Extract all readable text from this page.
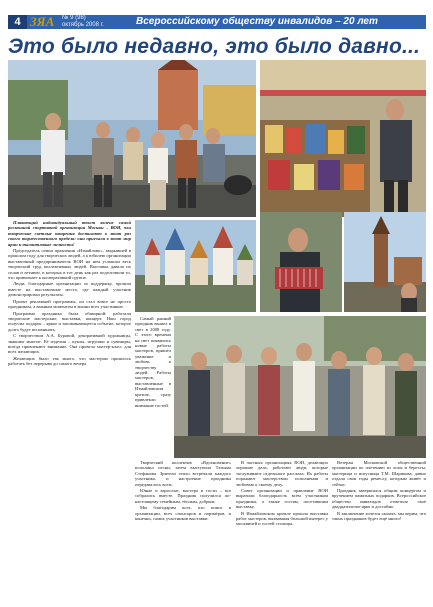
4 ЗЯА № 9 (98)
октябрь 2008 г.	Всероссийскому обществу инвалидов – 20 лет
Это было недавно, это было давно...

Плавающий индивидуальный текст явлене самой роскошной спортивной организации Москвы – ВОИ, чьи творческие светлые творения достигают в этот раз своего торжественного предела: они приехали в этот мир арии и талантливые личности!

Председатель семьи правления «Измайлово», закрывшей в прошлом году для творческих людей, а к юбилею организации выставочный предприниматель ВОИ на нем услышал весь творческий труд коллективных людей. Выставка давала их сплав и летнюю, в которых в тот день как раз подготовили то, что привлекает к кооперативной группе.

Люди, благодарные организации за поддержку, прошли вместе на выставочные места, где каждый участник демонстрировал результаты.

Проект рекламной программы, он стал вовсе не просто праздником, а важным моментом в жизни всех участников.

Программа праздника была обширной: работали творческие мастерские, выставки, концерт. Наш город получил подарок – яркое и запоминающееся событие, которое долго будут вспоминать.

С творчеством А.А. Буровой, декоративной художницы, знакомы многие. Её изделия – куклы, игрушки и сувениры, всегда привлекают внимание. Она провела мастер-класс для всех желающих.

Желающих было так много, что мастерам пришлось работать без перерыва до самого вечера.

Самый ранний праздник вышел в свет в 2008 году. С этого времени на свет появились новые работы мастеров, пришёл уважение и любовь к творчеству людей. Работы мастеров, выставленные в Измайловском кремле, сразу привлекли внимание гостей.

Творческий коллектив «Вдохновение» исполнил песни, затем выступила Татьяна Стефанова. Зрители тепло встречали каждого участника, и настроение праздника передавалось всем.

Юные и взрослые, мастера и гости – все собрались вместе. Праздник получился по-настоящему семейным, тёплым, добрым.

Мы благодарим всех, кто помог в организации, всех спонсоров и партнёров, и конечно, самих участников выставки.

В частных организациях ВОИ, делающих хорошие дела, работают люди, которые заслуживают отдельного рассказа. Их работы поражают мастерством исполнения и любовью к своему делу.

Совет организации и правление ВОИ выразили благодарность всем участникам праздника, а также гостям, посетившим выставку.

В Измайловском кремле прошла выставка работ мастеров, вызвавшая большой интерес у москвичей и гостей столицы.

Ветеран Московской общественной организации по плетению из лозы и бересты, мастерица и искусница Т.М. Шарикова, давно отдала свои годы ремеслу, которым живёт и сейчас.

Праздник завершился общим концертом и вручением памятных подарков. Всероссийское общество инвалидов отметило своё двадцатилетие ярко и достойно.

В заключение хочется сказать: мы верим, что таких праздников будет ещё много!
